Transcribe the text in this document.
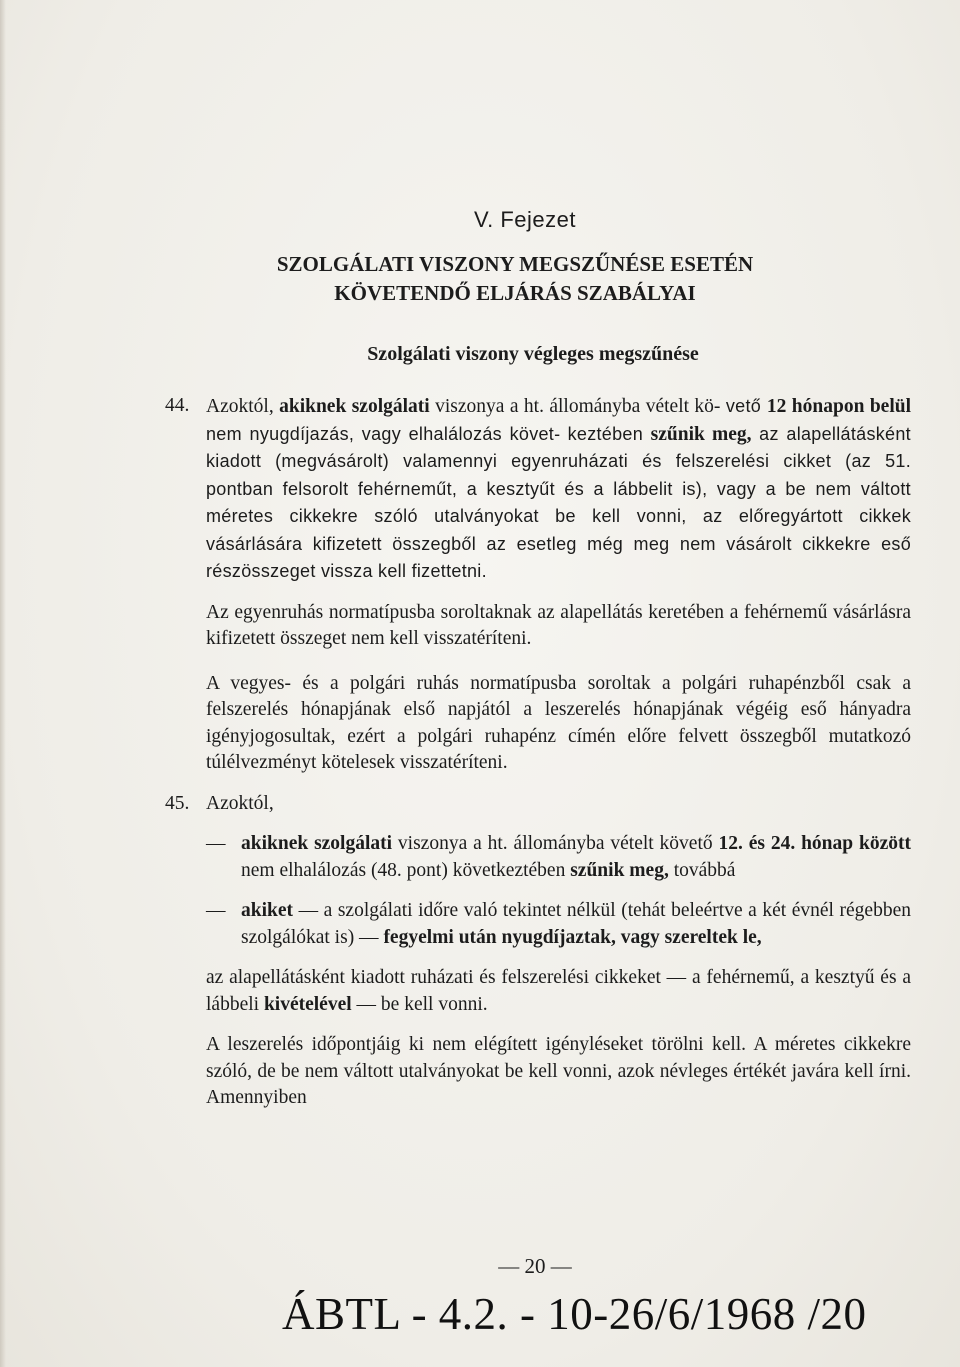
V. Fejezet
SZOLGÁLATI VISZONY MEGSZŰNÉSE ESETÉN
KÖVETENDŐ ELJÁRÁS SZABÁLYAI
Szolgálati viszony végleges megszűnése
44. Azoktól, akiknek szolgálati viszonya a ht. állományba vételt kö- vető 12 hónapon belül nem nyugdíjazás, vagy elhalálozás követ- keztében szűnik meg, az alapellátásként kiadott (megvásárolt) valamennyi egyenruházati és felszerelési cikket (az 51. pontban felsorolt fehérneműt, a kesztyűt és a lábbelit is), vagy a be nem váltott méretes cikkekre szóló utalványokat be kell vonni, az előregyártott cikkek vásárlására kifizetett összegből az esetleg még meg nem vásárolt cikkekre eső részösszeget vissza kell fizettetni.
Az egyenruhás normatípusba soroltaknak az alapellátás keretében a fehérnemű vásárlásra kifizetett összeget nem kell visszatéríteni.
A vegyes- és a polgári ruhás normatípusba soroltak a polgári ruhapénzből csak a felszerelés hónapjának első napjától a leszerelés hónapjának végéig eső hányadra igényjogosultak, ezért a polgári ruhapénz címén előre felvett összegből mutatkozó túlélvezményt kötelesek visszatéríteni.
45. Azoktól,
— akiknek szolgálati viszonya a ht. állományba vételt követő 12. és 24. hónap között nem elhalálozás (48. pont) következtében szűnik meg, továbbá
— akiket — a szolgálati időre való tekintet nélkül (tehát beleértve a két évnél régebben szolgálókat is) — fegyelmi után nyugdíjaztak, vagy szereltek le,
az alapellátásként kiadott ruházati és felszerelési cikkeket — a fehérnemű, a kesztyű és a lábbeli kivételével — be kell vonni.
A leszerelés időpontjáig ki nem elégített igényléseket törölni kell. A méretes cikkekre szóló, de be nem váltott utalványokat be kell vonni, azok névleges értékét javára kell írni. Amennyiben
— 20 —
ÁBTL - 4.2. - 10-26/6/1968 /20
